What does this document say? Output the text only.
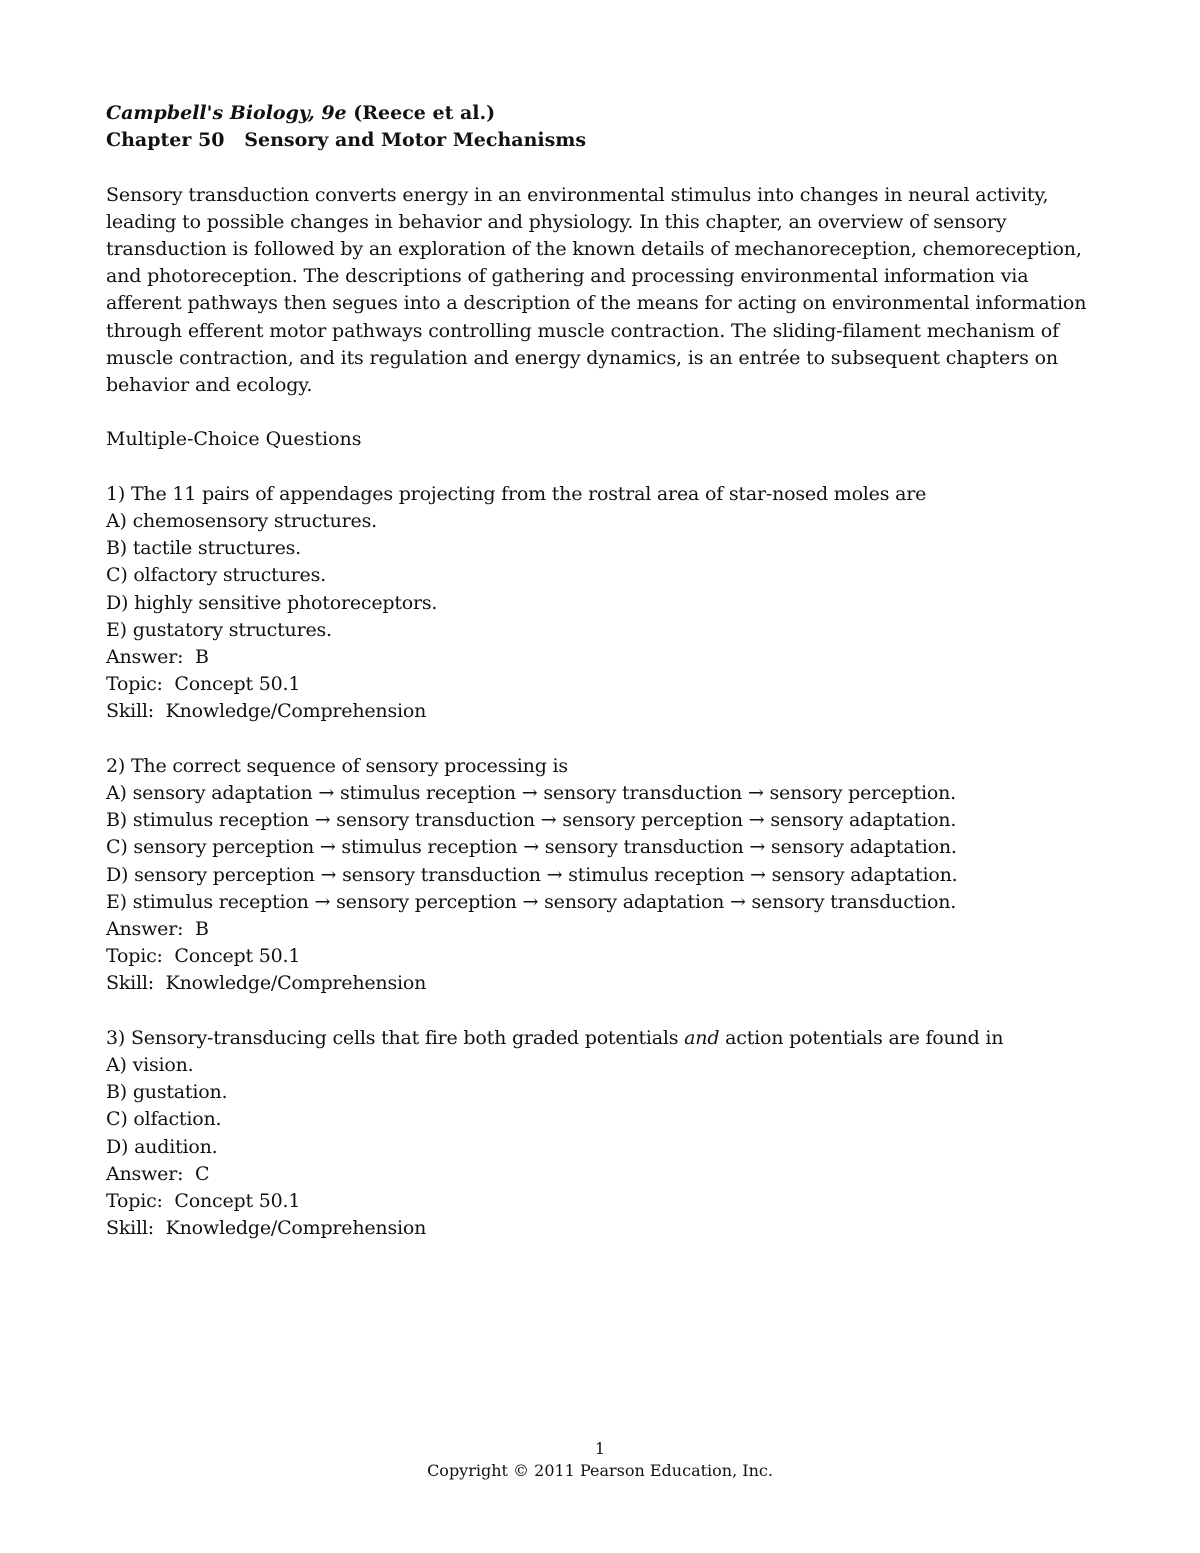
Campbell's Biology, 9e (Reece et al.)
Chapter 50   Sensory and Motor Mechanisms
Sensory transduction converts energy in an environmental stimulus into changes in neural activity, leading to possible changes in behavior and physiology. In this chapter, an overview of sensory transduction is followed by an exploration of the known details of mechanoreception, chemoreception, and photoreception. The descriptions of gathering and processing environmental information via afferent pathways then segues into a description of the means for acting on environmental information through efferent motor pathways controlling muscle contraction. The sliding-filament mechanism of muscle contraction, and its regulation and energy dynamics, is an entrée to subsequent chapters on behavior and ecology.
Multiple-Choice Questions
1) The 11 pairs of appendages projecting from the rostral area of star-nosed moles are
A) chemosensory structures.
B) tactile structures.
C) olfactory structures.
D) highly sensitive photoreceptors.
E) gustatory structures.
Answer:  B
Topic:  Concept 50.1
Skill:  Knowledge/Comprehension
2) The correct sequence of sensory processing is
A) sensory adaptation → stimulus reception → sensory transduction → sensory perception.
B) stimulus reception → sensory transduction → sensory perception → sensory adaptation.
C) sensory perception → stimulus reception → sensory transduction → sensory adaptation.
D) sensory perception → sensory transduction → stimulus reception → sensory adaptation.
E) stimulus reception → sensory perception → sensory adaptation → sensory transduction.
Answer:  B
Topic:  Concept 50.1
Skill:  Knowledge/Comprehension
3) Sensory-transducing cells that fire both graded potentials and action potentials are found in
A) vision.
B) gustation.
C) olfaction.
D) audition.
Answer:  C
Topic:  Concept 50.1
Skill:  Knowledge/Comprehension
1
Copyright © 2011 Pearson Education, Inc.
